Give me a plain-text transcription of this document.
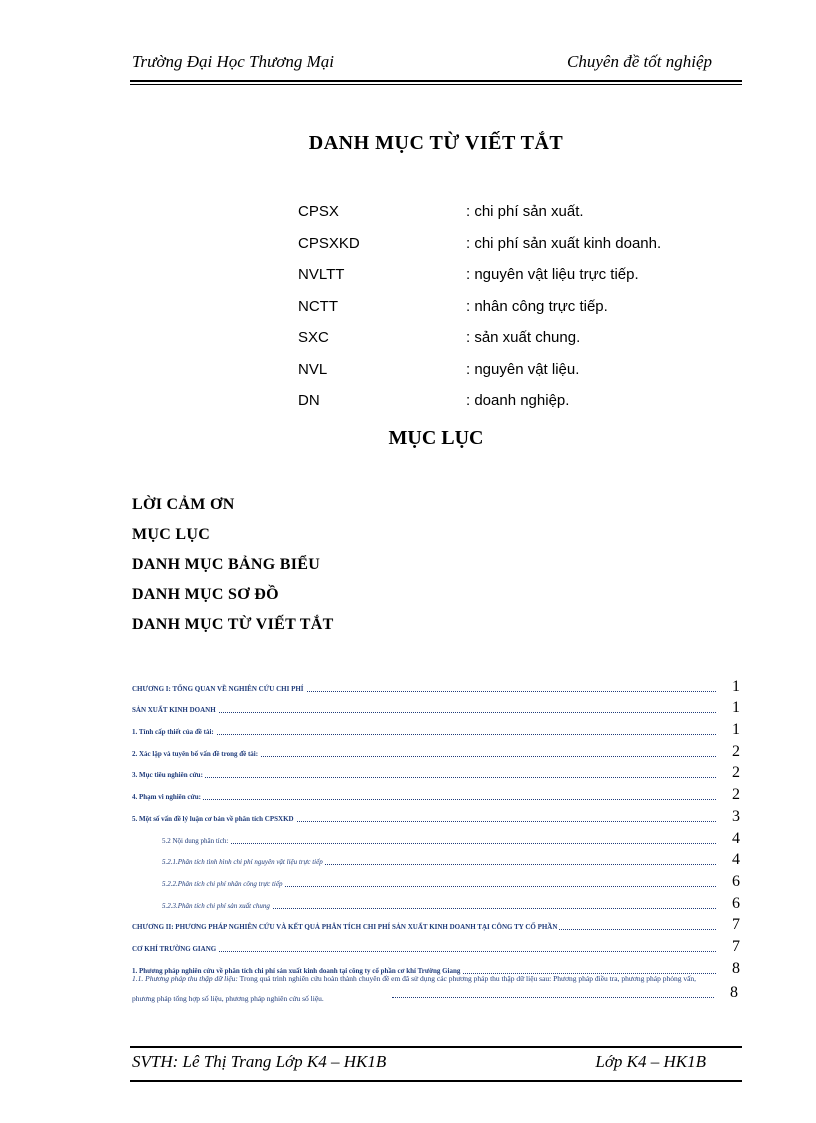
Trường Đại Học Thương Mại	Chuyên đề tốt nghiệp
DANH MỤC TỪ VIẾT TẮT
CPSX	: chi phí sản xuất.
CPSXKD	: chi phí sản xuất kinh doanh.
NVLTT	: nguyên vật liệu trực tiếp.
NCTT	: nhân công trực tiếp.
SXC	: sản xuất chung.
NVL	: nguyên vật liệu.
DN	: doanh nghiệp.
MỤC LỤC
LỜI CẢM ƠN
MỤC LỤC
DANH MỤC BẢNG BIỂU
DANH MỤC SƠ ĐỒ
DANH MỤC TỪ VIẾT TẮT
CHƯƠNG I: TỔNG QUAN VỀ NGHIÊN CỨU CHI PHÍ	1
SẢN XUẤT KINH DOANH	1
1. Tính cấp thiết của đề tài:	1
2. Xác lập và tuyên bố vấn đề trong đề tài:	2
3. Mục tiêu nghiên cứu:	2
4. Phạm vi nghiên cứu:	2
5. Một số vấn đề lý luận cơ bản về phân tích CPSXKD	3
5.2 Nội dung phân tích:	4
5.2.1.Phân tích tình hình chi phí nguyên vật liệu trực tiếp	4
5.2.2.Phân tích chi phí nhân công trực tiếp	6
5.2.3.Phân tích chi phí sản xuất chung	6
CHƯƠNG II: PHƯƠNG PHÁP NGHIÊN CỨU VÀ KẾT QUẢ PHÂN TÍCH CHI PHÍ SẢN XUẤT KINH DOANH TẠI CÔNG TY CỔ PHẦN	7
CƠ KHÍ TRƯỜNG GIANG	7
1. Phương pháp nghiên cứu về phân tích chi phí sản xuất kinh doanh tại công ty cổ phần cơ khí Trường Giang	8
1.1. Phương pháp thu thập dữ liệu: Trong quá trình nghiên cứu hoàn thành chuyên đề em đã sử dụng các phương pháp thu thập dữ liệu sau: Phương pháp điều tra, phương pháp phỏng vấn, phương pháp tổng hợp số liệu, phương pháp nghiên cứu số liệu.	8
SVTH: Lê Thị Trang Lớp K4 – HK1B	Lớp K4 – HK1B
